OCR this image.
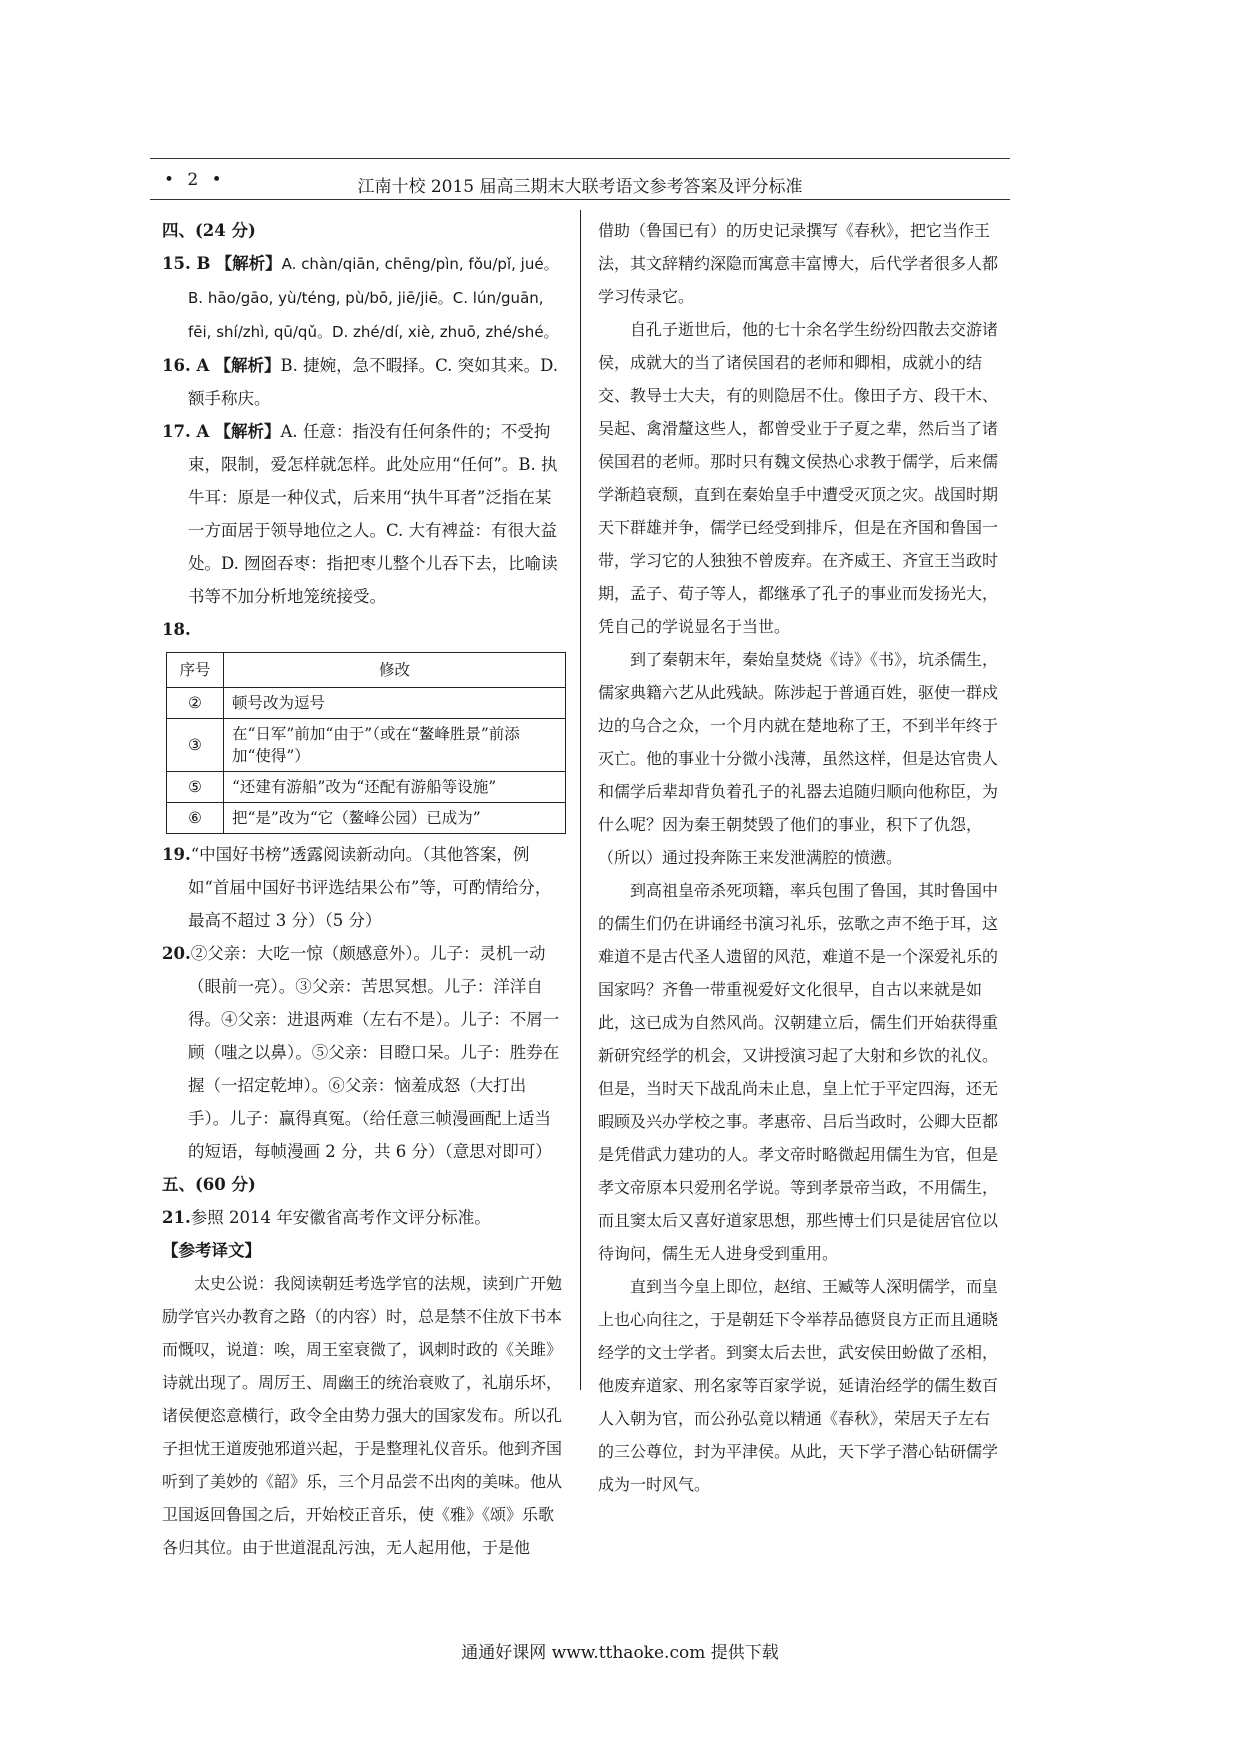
• 2 •	江南十校 2015 届高三期末大联考语文参考答案及评分标准

四、(24 分)

15. B 【解析】A. chàn/qiān, chēng/pìn, fǒu/pǐ, jué。B. hāo/gāo, yù/téng, pù/bō, jiē/jiē。C. lún/guān, fēi, shí/zhì, qū/qǔ。D. zhé/dí, xiè, zhuō, zhé/shé。

16. A 【解析】B. 捷婉，急不暇择。C. 突如其来。D. 额手称庆。

17. A 【解析】A. 任意：指没有任何条件的；不受拘束，限制，爱怎样就怎样。此处应用“任何”。B. 执牛耳：原是一种仪式，后来用“执牛耳者”泛指在某一方面居于领导地位之人。C. 大有裨益：有很大益处。D. 囫囵吞枣：指把枣儿整个儿吞下去，比喻读书等不加分析地笼统接受。

18.

序号	修改
②	顿号改为逗号
③	在“日军”前加“由于”（或在“鳌峰胜景”前添加“使得”）
⑤	“还建有游船”改为“还配有游船等设施”
⑥	把“是”改为“它（鳌峰公园）已成为”

19.“中国好书榜”透露阅读新动向。（其他答案，例如“首届中国好书评选结果公布”等，可酌情给分，最高不超过 3 分）（5 分）

20.②父亲：大吃一惊（颇感意外）。儿子：灵机一动（眼前一亮）。③父亲：苦思冥想。儿子：洋洋自得。④父亲：进退两难（左右不是）。儿子：不屑一顾（嗤之以鼻）。⑤父亲：目瞪口呆。儿子：胜券在握（一招定乾坤）。⑥父亲：恼羞成怒（大打出手）。儿子：赢得真冤。（给任意三帧漫画配上适当的短语，每帧漫画 2 分，共 6 分）（意思对即可）

五、(60 分)

21.参照 2014 年安徽省高考作文评分标准。

【参考译文】

太史公说：我阅读朝廷考选学官的法规，读到广开勉励学官兴办教育之路（的内容）时，总是禁不住放下书本而慨叹，说道：唉，周王室衰微了，讽刺时政的《关雎》诗就出现了。周厉王、周幽王的统治衰败了，礼崩乐坏，诸侯便恣意横行，政令全由势力强大的国家发布。所以孔子担忧王道废弛邪道兴起，于是整理礼仪音乐。他到齐国听到了美妙的《韶》乐，三个月品尝不出肉的美味。他从卫国返回鲁国之后，开始校正音乐，使《雅》《颂》乐歌各归其位。由于世道混乱污浊，无人起用他，于是他

借助（鲁国已有）的历史记录撰写《春秋》，把它当作王法，其文辞精约深隐而寓意丰富博大，后代学者很多人都学习传录它。

自孔子逝世后，他的七十余名学生纷纷四散去交游诸侯，成就大的当了诸侯国君的老师和卿相，成就小的结交、教导士大夫，有的则隐居不仕。像田子方、段干木、吴起、禽滑釐这些人，都曾受业于子夏之辈，然后当了诸侯国君的老师。那时只有魏文侯热心求教于儒学，后来儒学渐趋衰颓，直到在秦始皇手中遭受灭顶之灾。战国时期天下群雄并争，儒学已经受到排斥，但是在齐国和鲁国一带，学习它的人独独不曾废弃。在齐威王、齐宣王当政时期，孟子、荀子等人，都继承了孔子的事业而发扬光大，凭自己的学说显名于当世。

到了秦朝末年，秦始皇焚烧《诗》《书》，坑杀儒生，儒家典籍六艺从此残缺。陈涉起于普通百姓，驱使一群戍边的乌合之众，一个月内就在楚地称了王，不到半年终于灭亡。他的事业十分微小浅薄，虽然这样，但是达官贵人和儒学后辈却背负着孔子的礼器去追随归顺向他称臣，为什么呢？因为秦王朝焚毁了他们的事业，积下了仇怨，（所以）通过投奔陈王来发泄满腔的愤懑。

到高祖皇帝杀死项籍，率兵包围了鲁国，其时鲁国中的儒生们仍在讲诵经书演习礼乐，弦歌之声不绝于耳，这难道不是古代圣人遗留的风范，难道不是一个深爱礼乐的国家吗？齐鲁一带重视爱好文化很早，自古以来就是如此，这已成为自然风尚。汉朝建立后，儒生们开始获得重新研究经学的机会，又讲授演习起了大射和乡饮的礼仪。但是，当时天下战乱尚未止息，皇上忙于平定四海，还无暇顾及兴办学校之事。孝惠帝、吕后当政时，公卿大臣都是凭借武力建功的人。孝文帝时略微起用儒生为官，但是孝文帝原本只爱刑名学说。等到孝景帝当政，不用儒生，而且窦太后又喜好道家思想，那些博士们只是徒居官位以待询问，儒生无人进身受到重用。

直到当今皇上即位，赵绾、王臧等人深明儒学，而皇上也心向往之，于是朝廷下令举荐品德贤良方正而且通晓经学的文士学者。到窦太后去世，武安侯田蚡做了丞相，他废弃道家、刑名家等百家学说，延请治经学的儒生数百人入朝为官，而公孙弘竟以精通《春秋》，荣居天子左右的三公尊位，封为平津侯。从此，天下学子潜心钻研儒学成为一时风气。

通通好课网 www.tthaoke.com 提供下载
